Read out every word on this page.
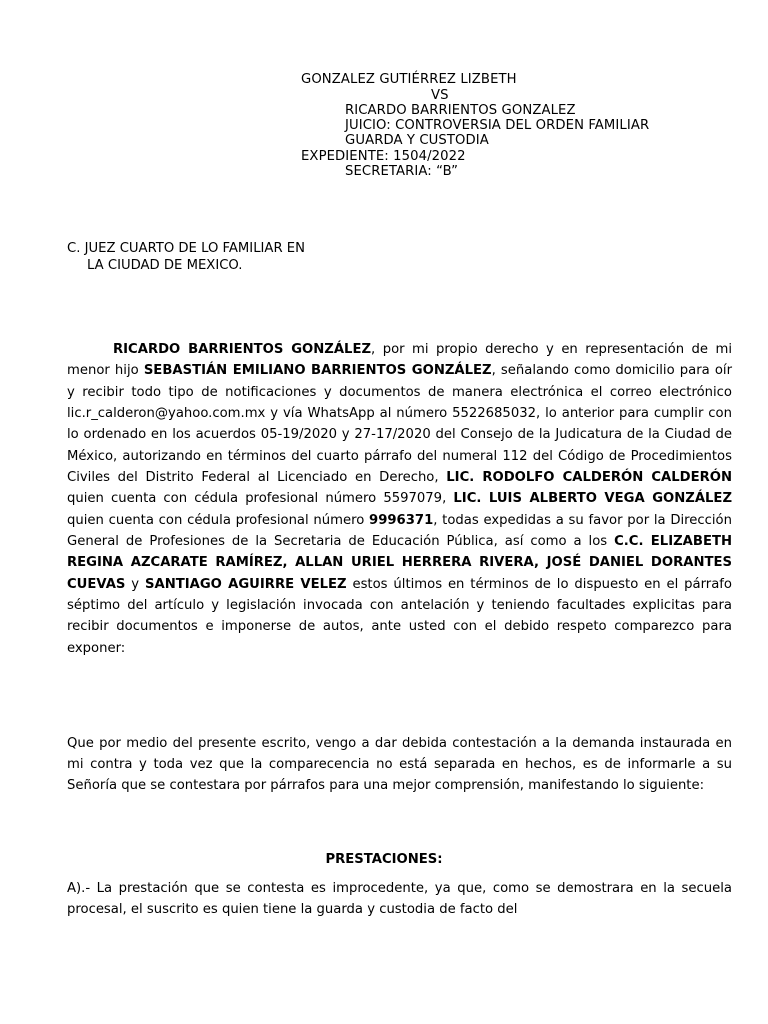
GONZALEZ GUTIÉRREZ LIZBETH
VS
RICARDO BARRIENTOS GONZALEZ
JUICIO: CONTROVERSIA DEL ORDEN FAMILIAR
GUARDA Y CUSTODIA
EXPEDIENTE: 1504/2022
SECRETARIA: “B”
C. JUEZ CUARTO DE LO FAMILIAR EN
LA CIUDAD DE MEXICO.

RICARDO BARRIENTOS GONZÁLEZ, por mi propio derecho y en representación de mi menor hijo SEBASTIÁN EMILIANO BARRIENTOS GONZÁLEZ, señalando como domicilio para oír y recibir todo tipo de notificaciones y documentos de manera electrónica el correo electrónico lic.r_calderon@yahoo.com.mx y vía WhatsApp al número 5522685032, lo anterior para cumplir con lo ordenado en los acuerdos 05-19/2020 y 27-17/2020 del Consejo de la Judicatura de la Ciudad de México, autorizando en términos del cuarto párrafo del numeral 112 del Código de Procedimientos Civiles del Distrito Federal al Licenciado en Derecho, LIC. RODOLFO CALDERÓN CALDERÓN quien cuenta con cédula profesional número 5597079, LIC. LUIS ALBERTO VEGA GONZÁLEZ quien cuenta con cédula profesional número 9996371, todas expedidas a su favor por la Dirección General de Profesiones de la Secretaria de Educación Pública, así como a los C.C. ELIZABETH REGINA AZCARATE RAMÍREZ, ALLAN URIEL HERRERA RIVERA, JOSÉ DANIEL DORANTES CUEVAS y SANTIAGO AGUIRRE VELEZ estos últimos en términos de lo dispuesto en el párrafo séptimo del artículo y legislación invocada con antelación y teniendo facultades explicitas para recibir documentos e imponerse de autos, ante usted con el debido respeto comparezco para exponer:

Que por medio del presente escrito, vengo a dar debida contestación a la demanda instaurada en mi contra y toda vez que la comparecencia no está separada en hechos, es de informarle a su Señoría que se contestara por párrafos para una mejor comprensión, manifestando lo siguiente:

PRESTACIONES:

A).- La prestación que se contesta es improcedente, ya que, como se demostrara en la secuela procesal, el suscrito es quien tiene la guarda y custodia de facto del
